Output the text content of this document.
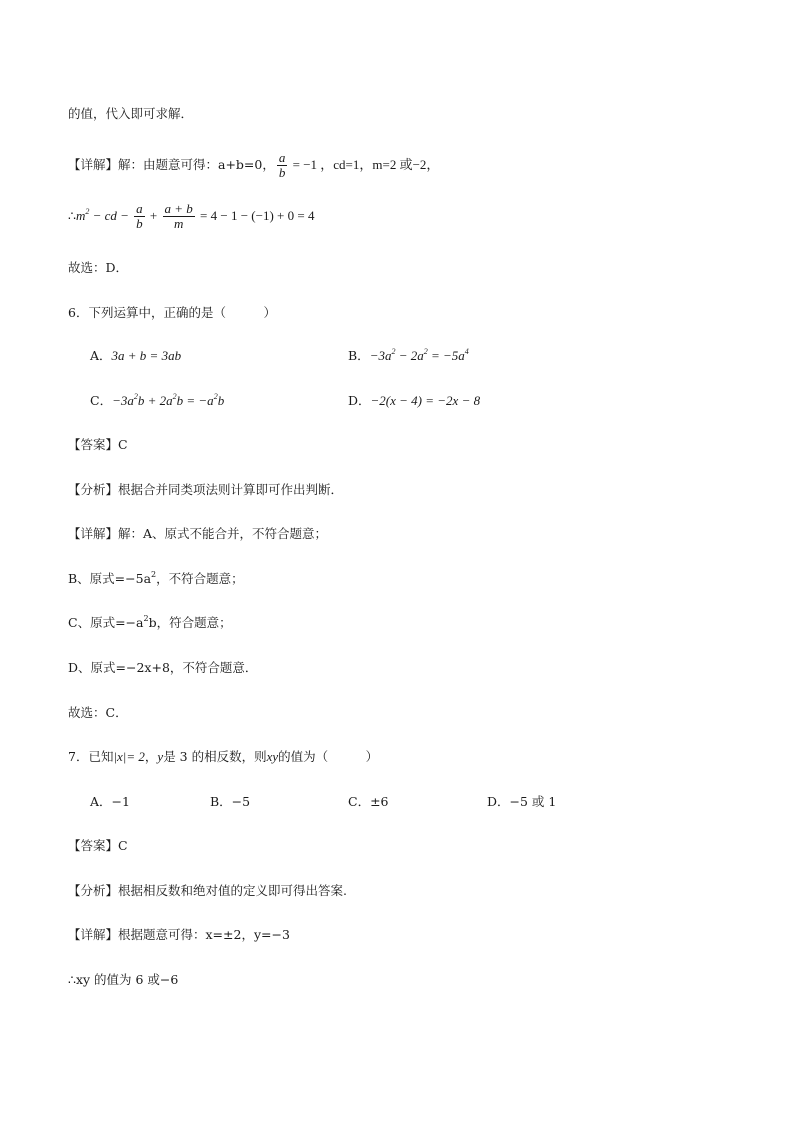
的值，代入即可求解．
【详解】解：由题意可得：a+b=0， $\frac{a}{b} = -1$ ，cd=1，m=2 或−2，
$\therefore m^2$ − cd − $\frac{a}{b} + \frac{a + b}{m} = 4 - 1 - (-1) + 0 = 4$
故选：D．
6．下列运算中，正确的是（　　　）
A．3a + b = 3ab	B．$-3a^2 - 2a^2 = -5a^4$
C．$-3a^2b + 2a^2b = -a^2b$	D．−2(x − 4) = −2x − 8
【答案】C
【分析】根据合并同类项法则计算即可作出判断．
【详解】解：A、原式不能合并，不符合题意；
B、原式$=-5a^2$，不符合题意；
C、原式$=-a^2b$，符合题意；
D、原式=−2x+8，不符合题意．
故选：C．
7．已知|x|= 2，y是 3 的相反数，则xy的值为（　　　）
A．−1	B．−5	C．±6	D．−5 或 1
【答案】C
【分析】根据相反数和绝对值的定义即可得出答案.
【详解】根据题意可得：x=±2，y=−3
∴xy 的值为 6 或−6
